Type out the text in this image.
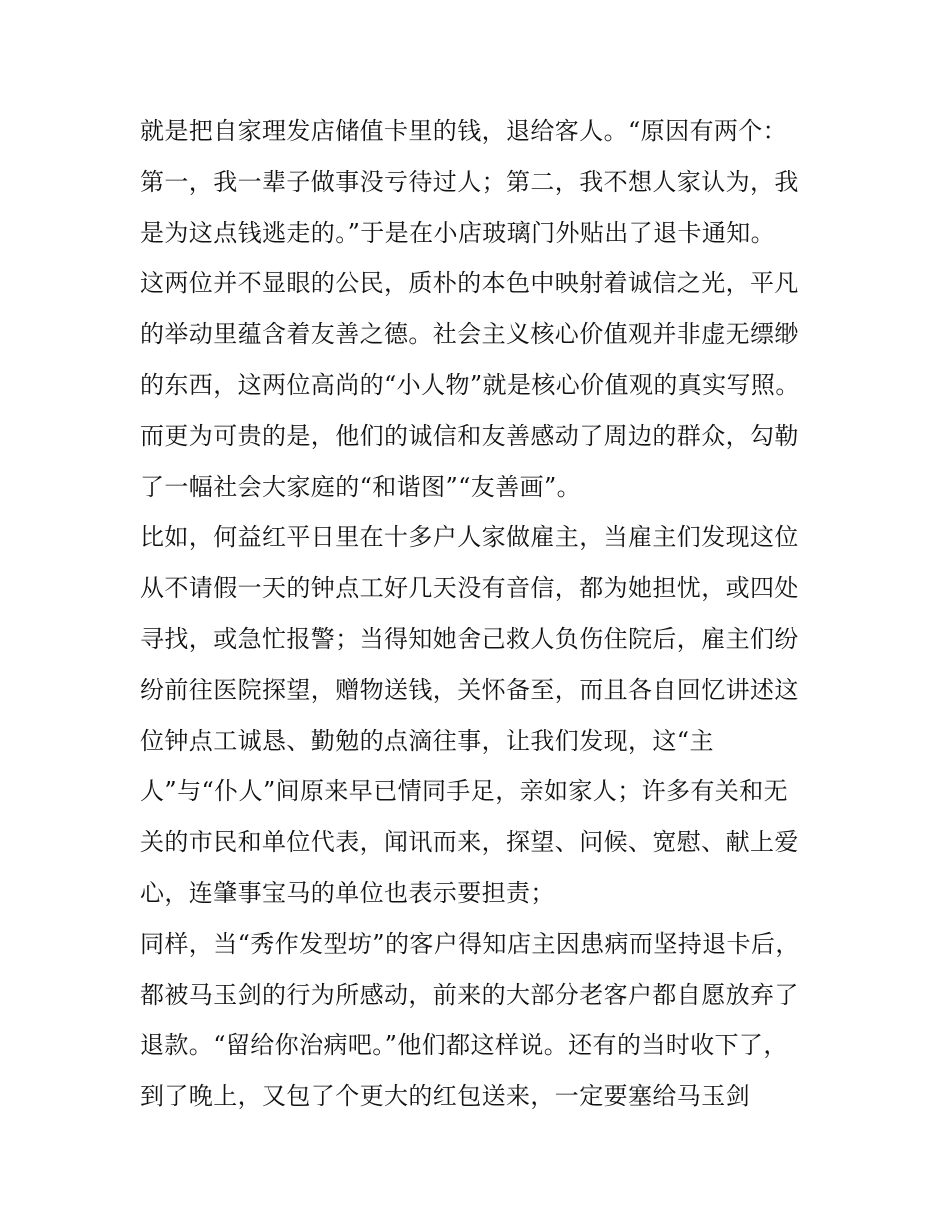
就是把自家理发店储值卡里的钱，退给客人。“原因有两个：
第一，我一辈子做事没亏待过人；第二，我不想人家认为，我
是为这点钱逃走的。”于是在小店玻璃门外贴出了退卡通知。
这两位并不显眼的公民，质朴的本色中映射着诚信之光，平凡
的举动里蕴含着友善之德。社会主义核心价值观并非虚无缥缈
的东西，这两位高尚的“小人物”就是核心价值观的真实写照。
而更为可贵的是，他们的诚信和友善感动了周边的群众，勾勒
了一幅社会大家庭的“和谐图”“友善画”。
比如，何益红平日里在十多户人家做雇主，当雇主们发现这位
从不请假一天的钟点工好几天没有音信，都为她担忧，或四处
寻找，或急忙报警；当得知她舍己救人负伤住院后，雇主们纷
纷前往医院探望，赠物送钱，关怀备至，而且各自回忆讲述这
位钟点工诚恳、勤勉的点滴往事，让我们发现，这“主
人”与“仆人”间原来早已情同手足，亲如家人；许多有关和无
关的市民和单位代表，闻讯而来，探望、问候、宽慰、献上爱
心，连肇事宝马的单位也表示要担责；
同样，当“秀作发型坊”的客户得知店主因患病而坚持退卡后，
都被马玉剑的行为所感动，前来的大部分老客户都自愿放弃了
退款。“留给你治病吧。”他们都这样说。还有的当时收下了，
到了晚上，又包了个更大的红包送来，一定要塞给马玉剑
